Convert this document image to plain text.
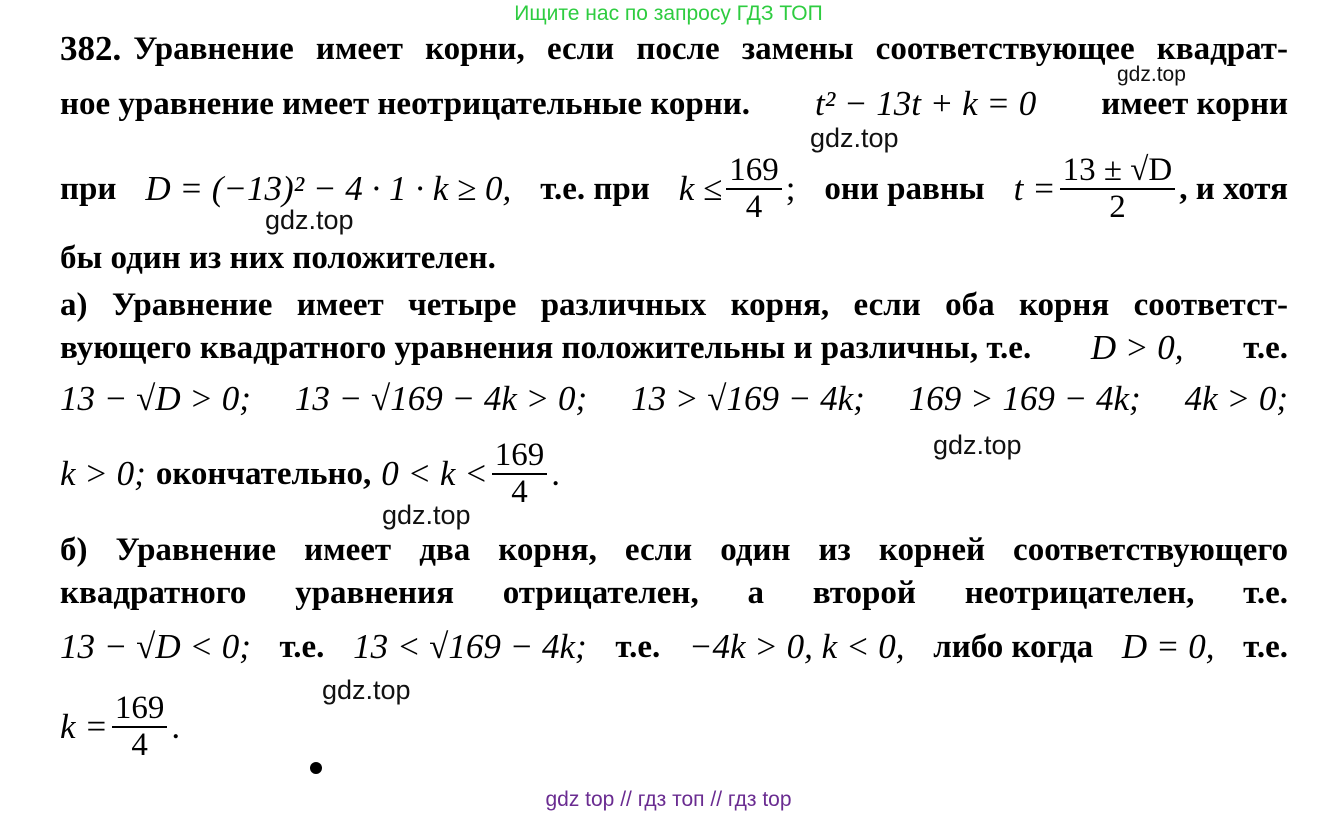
Ищите нас по запросу ГДЗ ТОП
382. Уравнение имеет корни, если после замены соответствующее квадрат-
ное уравнение имеет неотрицательные корни. t² − 13t + k = 0 имеет корни
при D = (−13)² − 4 · 1 · k ≥ 0, т.е. при $k \le \frac{169}{4}$ ; они равны $t = \frac{13 \pm √D}{2}$ , и хотя
бы один из них положителен.
а) Уравнение имеет четыре различных корня, если оба корня соответст-
вующего квадратного уравнения положительны и различны, т.е. D > 0, т.е.
13 − √D > 0; 13 − √169 − 4k > 0; 13 > √169 − 4k; 169 > 169 − 4k; 4k > 0;
k > 0; окончательно, $0 < k < \frac{169}{4}$ .
б) Уравнение имеет два корня, если один из корней соответствующего
квадратного уравнения отрицателен, а второй неотрицателен, т.е.
13 − √D < 0; т.е. 13 < √169 − 4k; т.е. −4k > 0, k < 0, либо когда D = 0, т.е.
$k = \frac{169}{4}$ .
gdz.top
gdz.top
gdz.top
gdz.top
gdz.top
gdz.top
gdz top // гдз топ // гдз top
